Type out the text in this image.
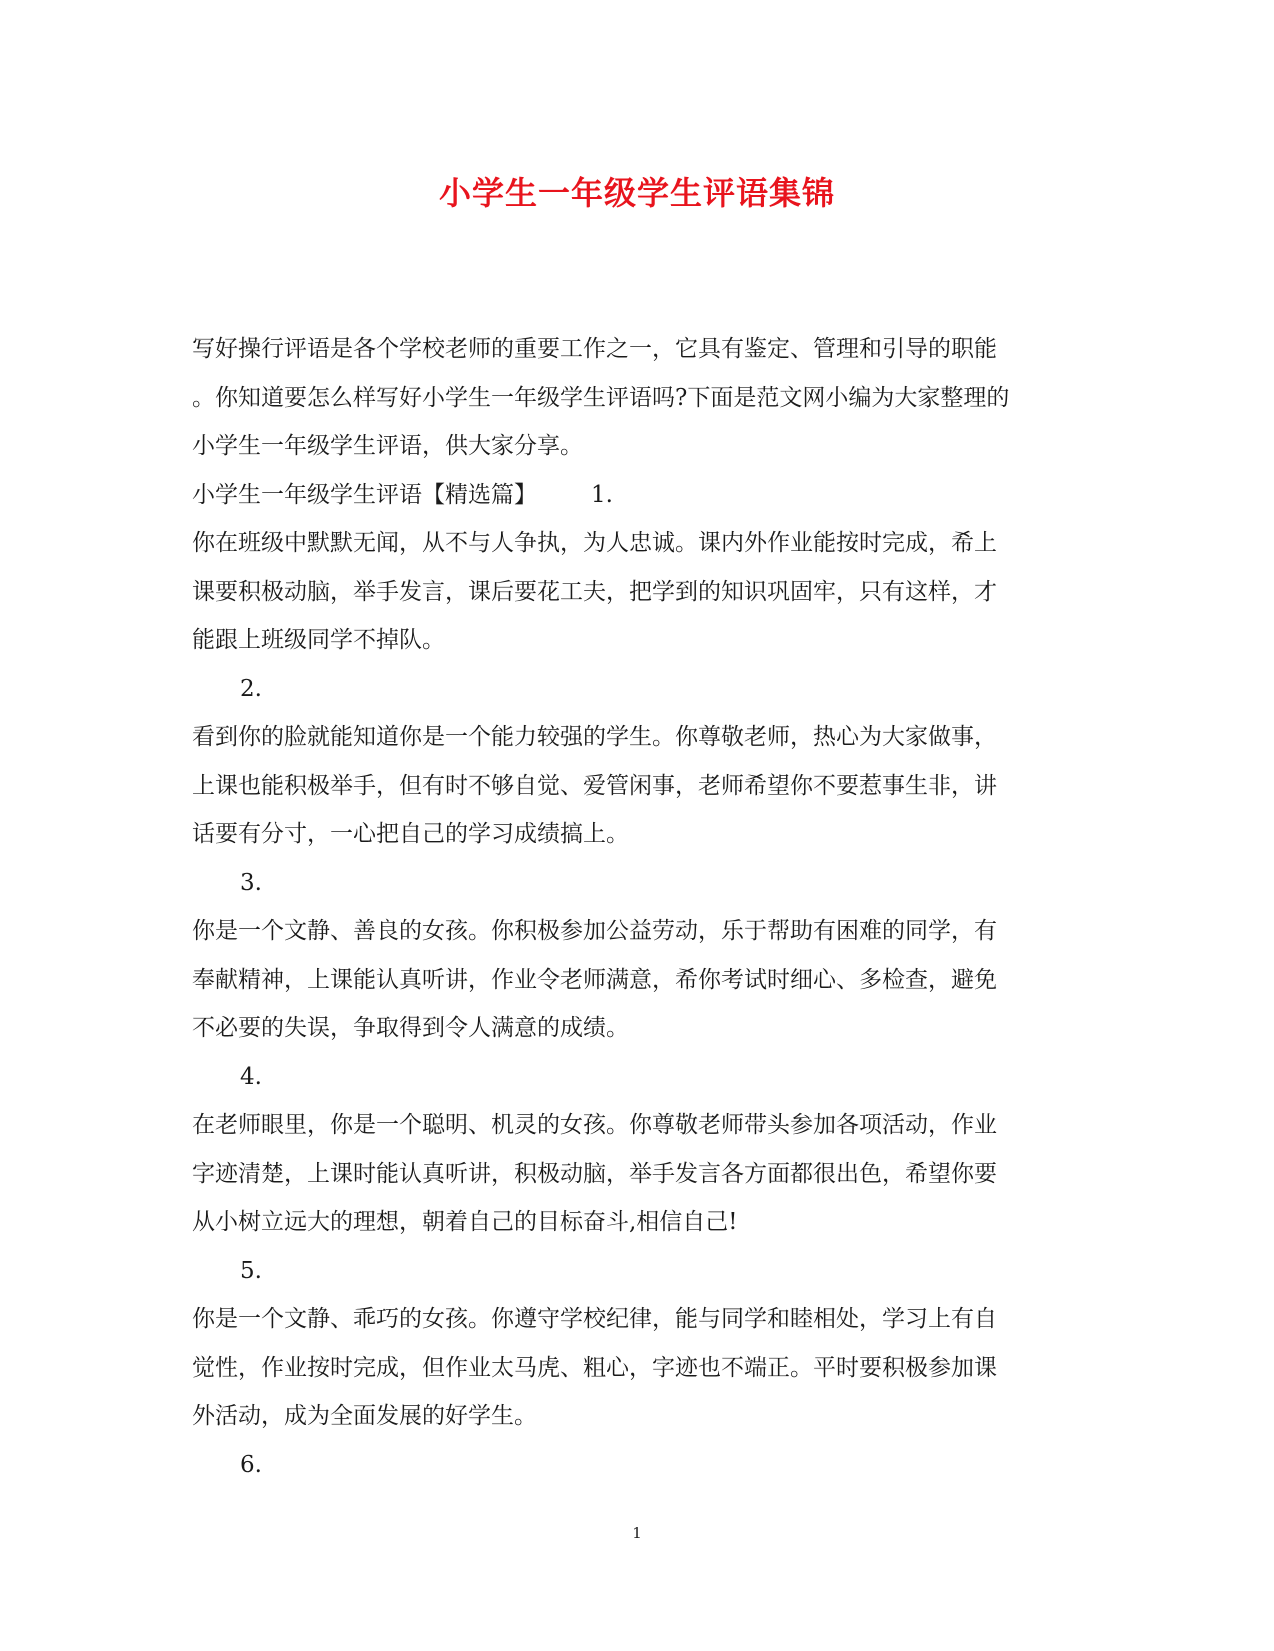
小学生一年级学生评语集锦
写好操行评语是各个学校老师的重要工作之一，它具有鉴定、管理和引导的职能
。你知道要怎么样写好小学生一年级学生评语吗?下面是范文网小编为大家整理的
小学生一年级学生评语，供大家分享。
小学生一年级学生评语【精选篇】 1.
你在班级中默默无闻，从不与人争执，为人忠诚。课内外作业能按时完成，希上
课要积极动脑，举手发言，课后要花工夫，把学到的知识巩固牢，只有这样，才
能跟上班级同学不掉队。
2.
看到你的脸就能知道你是一个能力较强的学生。你尊敬老师，热心为大家做事，
上课也能积极举手，但有时不够自觉、爱管闲事，老师希望你不要惹事生非，讲
话要有分寸，一心把自己的学习成绩搞上。
3.
你是一个文静、善良的女孩。你积极参加公益劳动，乐于帮助有困难的同学，有
奉献精神，上课能认真听讲，作业令老师满意，希你考试时细心、多检查，避免
不必要的失误，争取得到令人满意的成绩。
4.
在老师眼里，你是一个聪明、机灵的女孩。你尊敬老师带头参加各项活动，作业
字迹清楚，上课时能认真听讲，积极动脑，举手发言各方面都很出色，希望你要
从小树立远大的理想，朝着自己的目标奋斗,相信自己!
5.
你是一个文静、乖巧的女孩。你遵守学校纪律，能与同学和睦相处，学习上有自
觉性，作业按时完成，但作业太马虎、粗心，字迹也不端正。平时要积极参加课
外活动，成为全面发展的好学生。
6.
1
